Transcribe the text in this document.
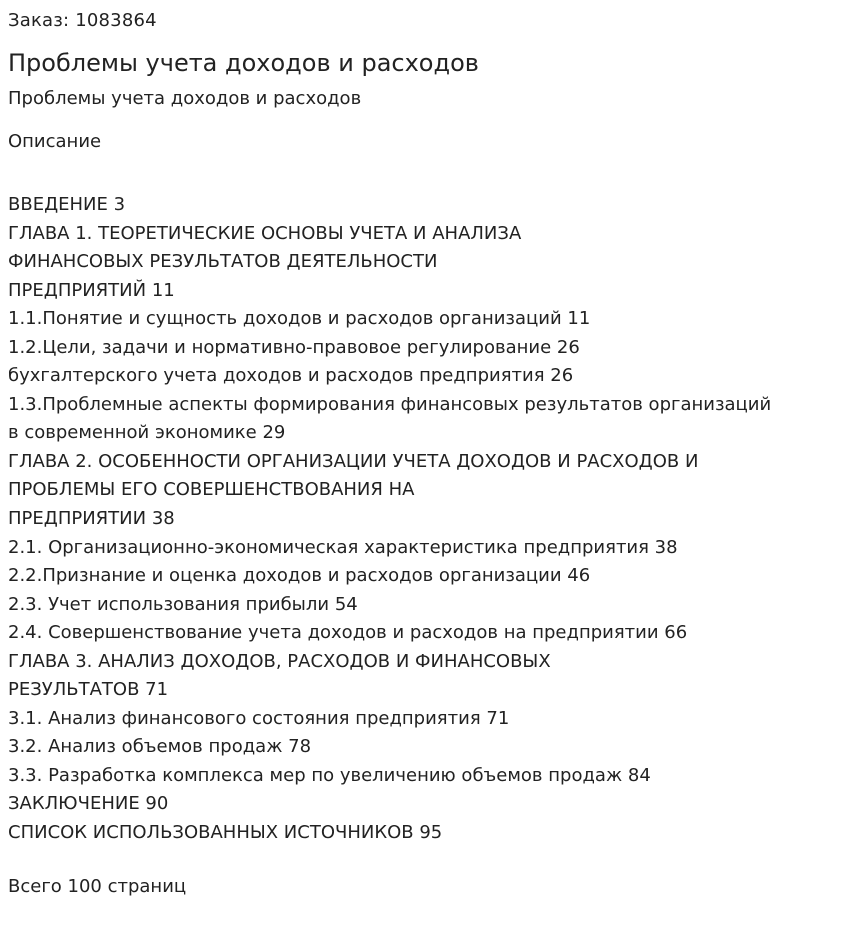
Заказ: 1083864
Проблемы учета доходов и расходов
Проблемы учета доходов и расходов
Описание
ВВЕДЕНИЕ 3
ГЛАВА 1. ТЕОРЕТИЧЕСКИЕ ОСНОВЫ УЧЕТА И АНАЛИЗА
ФИНАНСОВЫХ РЕЗУЛЬТАТОВ ДЕЯТЕЛЬНОСТИ
ПРЕДПРИЯТИЙ 11
1.1.Понятие и сущность доходов и расходов организаций 11
1.2.Цели, задачи и нормативно-правовое регулирование 26
бухгалтерского учета доходов и расходов предприятия 26
1.3.Проблемные аспекты формирования финансовых результатов организаций
в современной экономике 29
ГЛАВА 2. ОСОБЕННОСТИ ОРГАНИЗАЦИИ УЧЕТА ДОХОДОВ И РАСХОДОВ И
ПРОБЛЕМЫ ЕГО СОВЕРШЕНСТВОВАНИЯ НА
ПРЕДПРИЯТИИ 38
2.1. Организационно-экономическая характеристика предприятия 38
2.2.Признание и оценка доходов и расходов организации 46
2.3. Учет использования прибыли 54
2.4. Совершенствование учета доходов и расходов на предприятии 66
ГЛАВА 3. АНАЛИЗ ДОХОДОВ, РАСХОДОВ И ФИНАНСОВЫХ
РЕЗУЛЬТАТОВ 71
3.1. Анализ финансового состояния предприятия 71
3.2. Анализ объемов продаж 78
3.3. Разработка комплекса мер по увеличению объемов продаж 84
ЗАКЛЮЧЕНИЕ 90
СПИСОК ИСПОЛЬЗОВАННЫХ ИСТОЧНИКОВ 95
Всего 100 страниц
